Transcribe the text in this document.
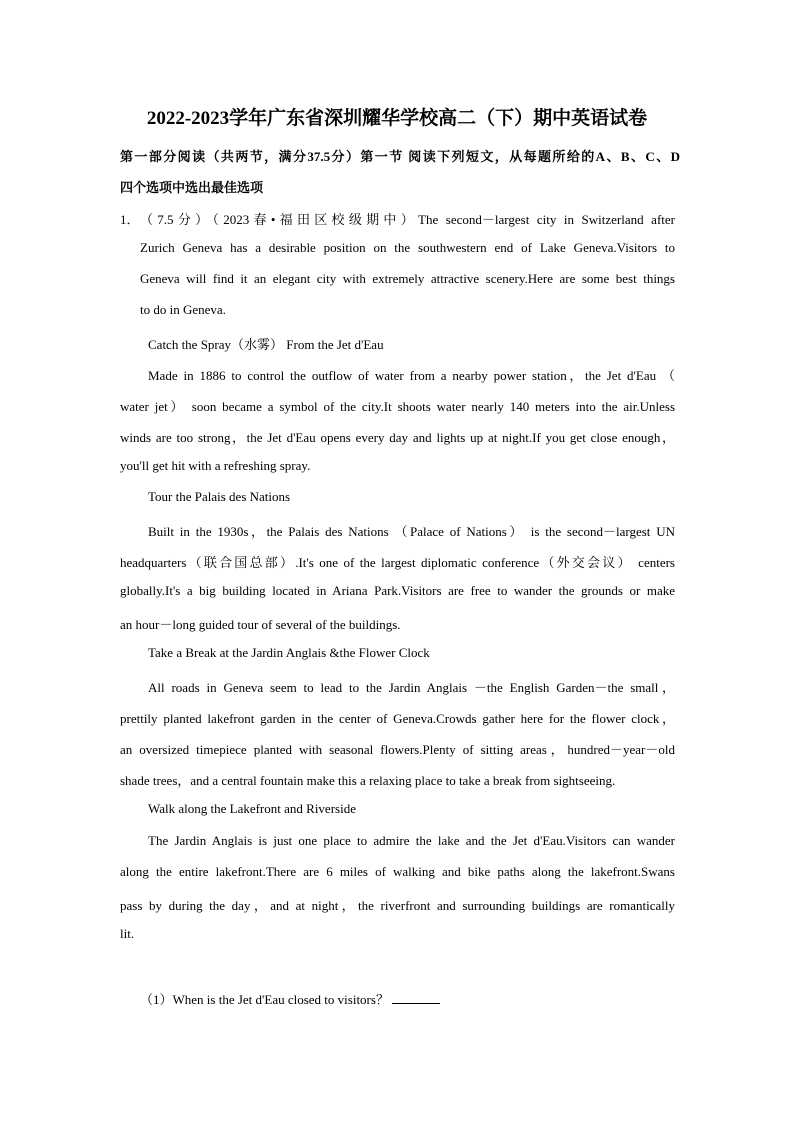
2022-2023学年广东省深圳耀华学校高二（下）期中英语试卷
第一部分阅读（共两节，满分37.5分）第一节 阅读下列短文，从每题所给的A、B、C、D
四个选项中选出最佳选项
1． （7.5分）（2023春•福田区校级期中）The second－largest city in Switzerland after
Zurich Geneva has a desirable position on the southwestern end of Lake Geneva.Visitors to
Geneva will find it an elegant city with extremely attractive scenery.Here are some best things
to do in Geneva.
Catch the Spray（水雾） From the Jet d'Eau
Made in 1886 to control the outflow of water from a nearby power station，the Jet d'Eau （
water jet） soon became a symbol of the city.It shoots water nearly 140 meters into the air.Unless
winds are too strong，the Jet d'Eau opens every day and lights up at night.If you get close enough，
you'll get hit with a refreshing spray.
Tour the Palais des Nations
Built in the 1930s，the Palais des Nations （Palace of Nations） is the second－largest UN
headquarters（联合国总部）.It's one of the largest diplomatic conference（外交会议） centers
globally.It's a big building located in Ariana Park.Visitors are free to wander the grounds or make
an hour－long guided tour of several of the buildings.
Take a Break at the Jardin Anglais &the Flower Clock
All roads in Geneva seem to lead to the Jardin Anglais －the English Garden－the small，
prettily planted lakefront garden in the center of Geneva.Crowds gather here for the flower clock，
an oversized timepiece planted with seasonal flowers.Plenty of sitting areas，hundred－year－old
shade trees，and a central fountain make this a relaxing place to take a break from sightseeing.
Walk along the Lakefront and Riverside
The Jardin Anglais is just one place to admire the lake and the Jet d'Eau.Visitors can wander
along the entire lakefront.There are 6 miles of walking and bike paths along the lakefront.Swans
pass by during the day，and at night，the riverfront and surrounding buildings are romantically
lit.
（1）When is the Jet d'Eau closed to visitors？
